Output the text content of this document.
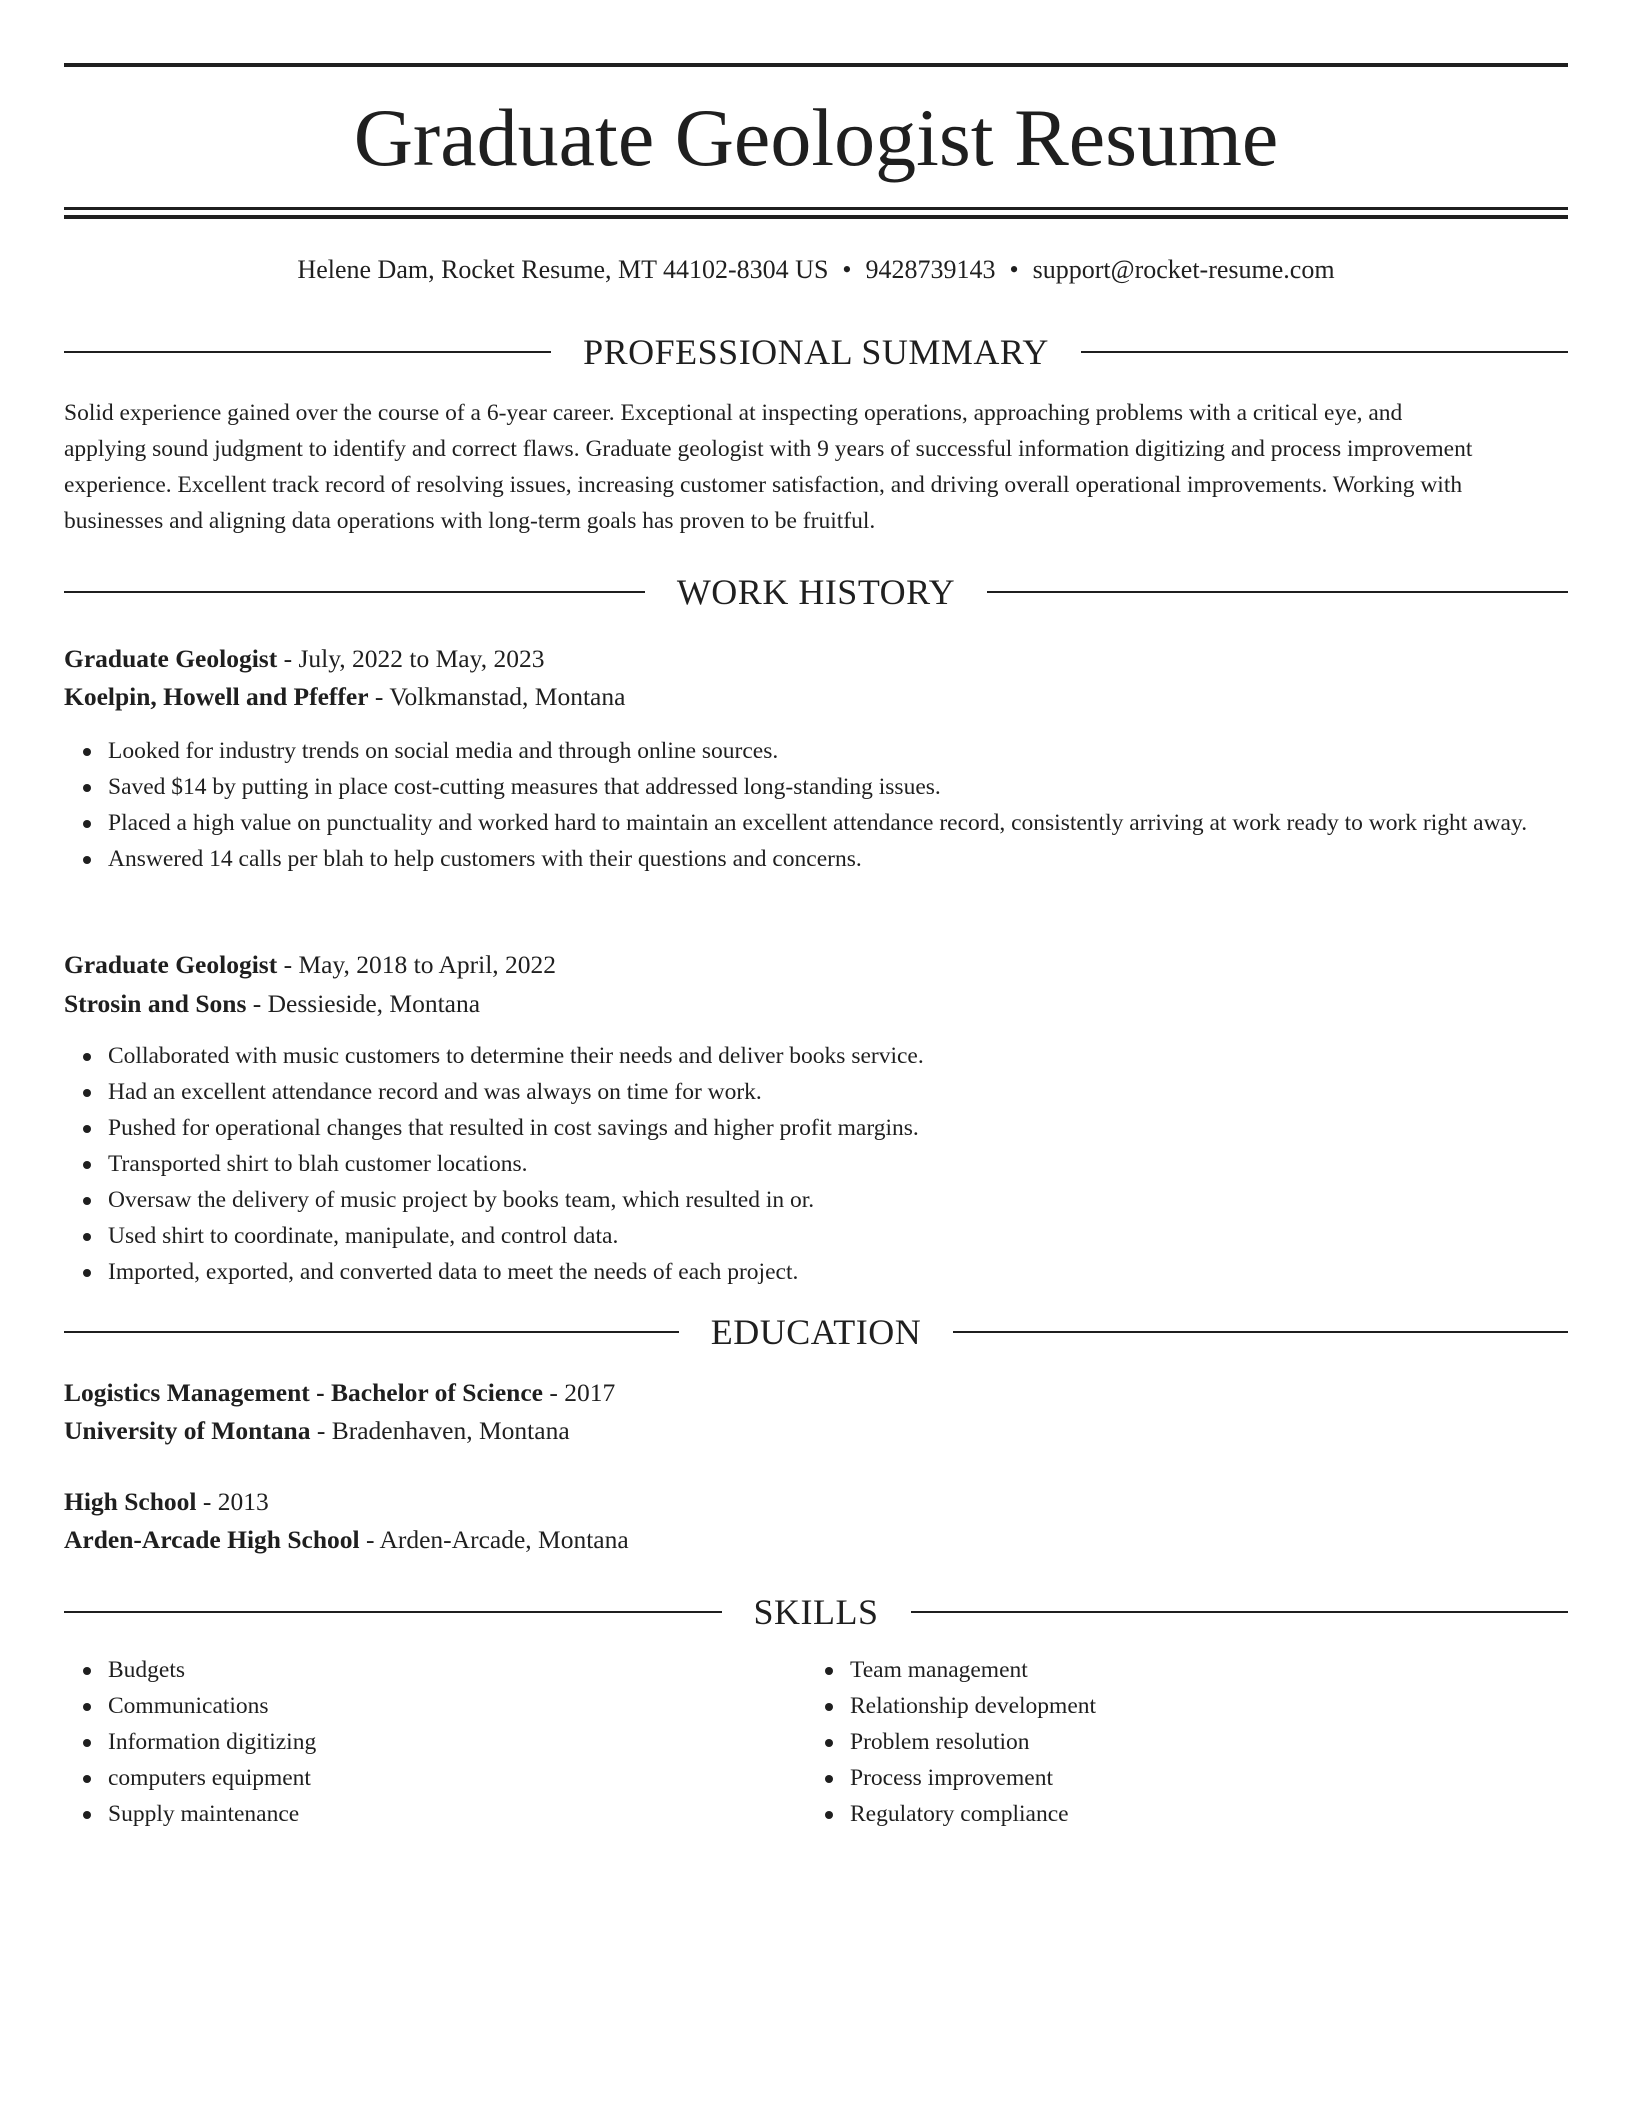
Graduate Geologist Resume
Helene Dam, Rocket Resume, MT 44102-8304 US • 9428739143 • support@rocket-resume.com
PROFESSIONAL SUMMARY
Solid experience gained over the course of a 6-year career. Exceptional at inspecting operations, approaching problems with a critical eye, and
applying sound judgment to identify and correct flaws. Graduate geologist with 9 years of successful information digitizing and process improvement
experience. Excellent track record of resolving issues, increasing customer satisfaction, and driving overall operational improvements. Working with
businesses and aligning data operations with long-term goals has proven to be fruitful.
WORK HISTORY
Graduate Geologist - July, 2022 to May, 2023
Koelpin, Howell and Pfeffer - Volkmanstad, Montana
Looked for industry trends on social media and through online sources.
Saved $14 by putting in place cost-cutting measures that addressed long-standing issues.
Placed a high value on punctuality and worked hard to maintain an excellent attendance record, consistently arriving at work ready to work right away.
Answered 14 calls per blah to help customers with their questions and concerns.
Graduate Geologist - May, 2018 to April, 2022
Strosin and Sons - Dessieside, Montana
Collaborated with music customers to determine their needs and deliver books service.
Had an excellent attendance record and was always on time for work.
Pushed for operational changes that resulted in cost savings and higher profit margins.
Transported shirt to blah customer locations.
Oversaw the delivery of music project by books team, which resulted in or.
Used shirt to coordinate, manipulate, and control data.
Imported, exported, and converted data to meet the needs of each project.
EDUCATION
Logistics Management - Bachelor of Science - 2017
University of Montana - Bradenhaven, Montana
High School - 2013
Arden-Arcade High School - Arden-Arcade, Montana
SKILLS
Budgets
Communications
Information digitizing
computers equipment
Supply maintenance
Team management
Relationship development
Problem resolution
Process improvement
Regulatory compliance
